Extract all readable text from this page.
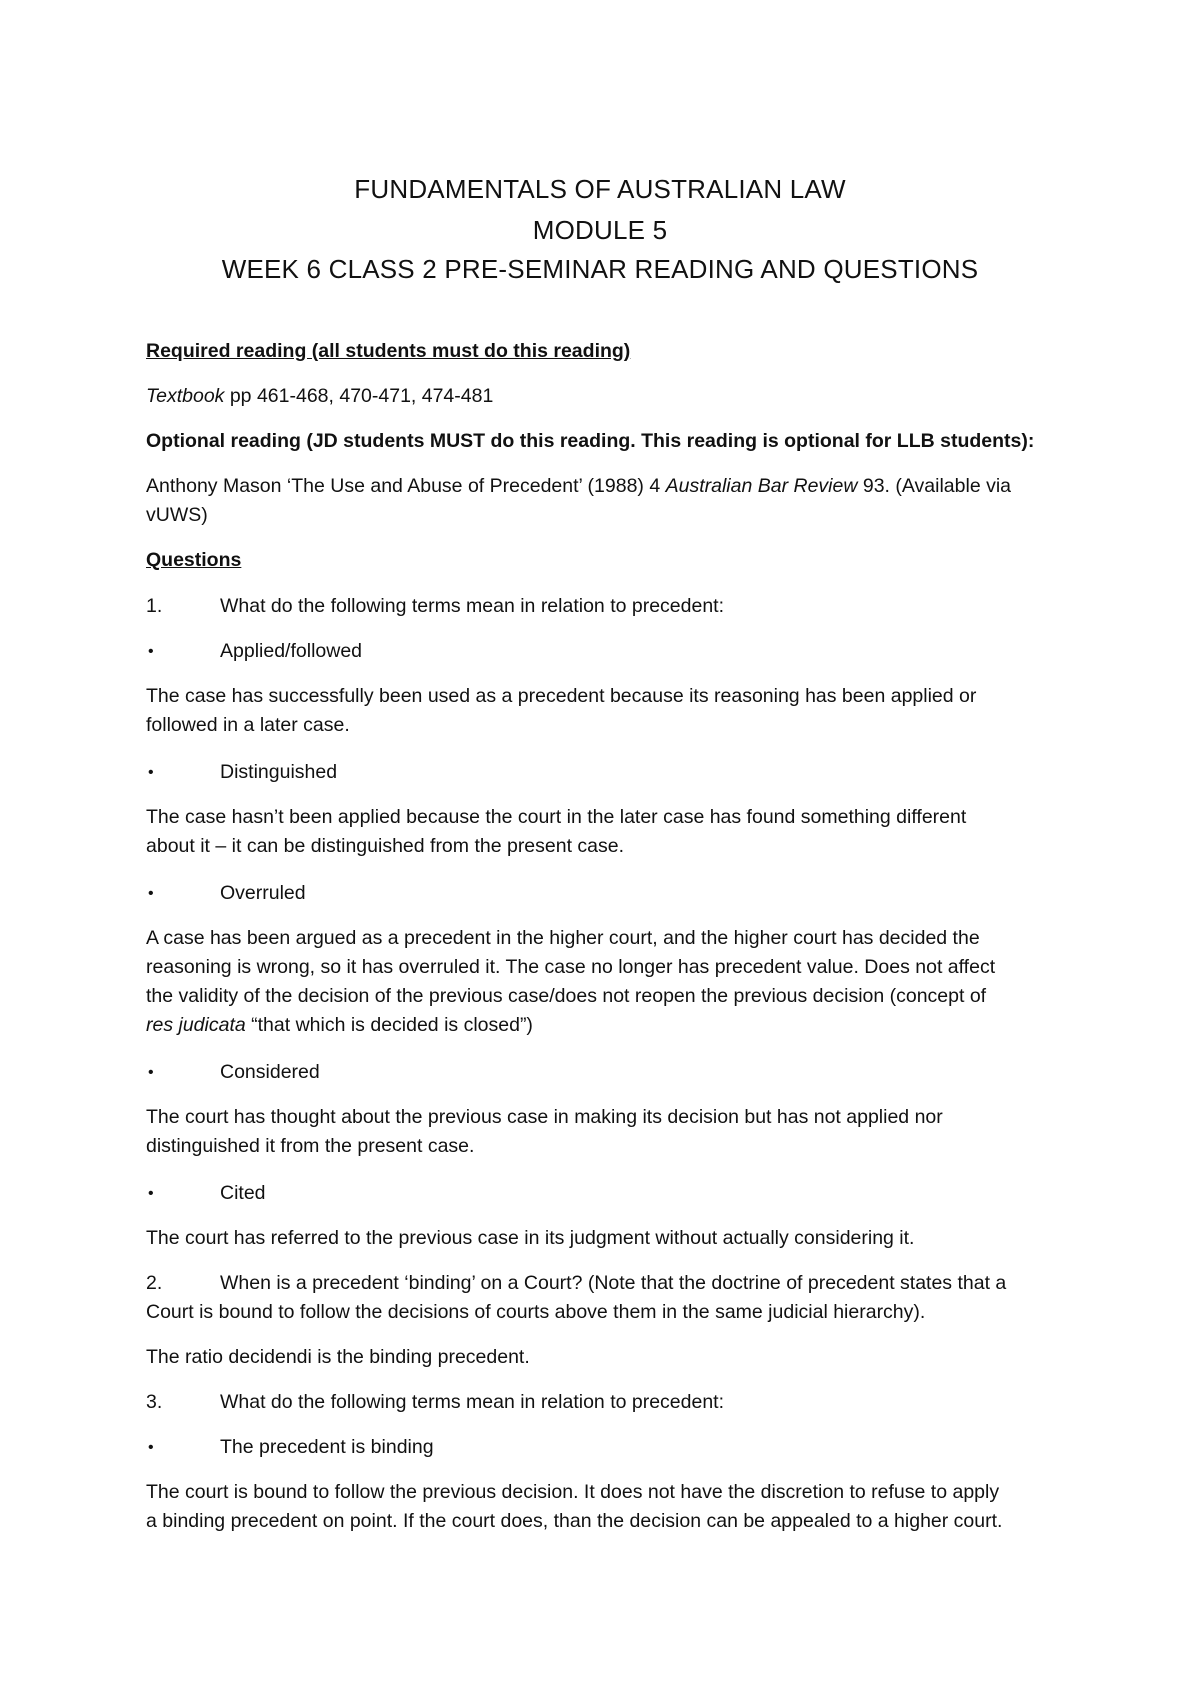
FUNDAMENTALS OF AUSTRALIAN LAW
MODULE 5
WEEK 6 CLASS 2 PRE-SEMINAR READING AND QUESTIONS
Required reading (all students must do this reading)
Textbook pp 461-468, 470-471, 474-481
Optional reading (JD students MUST do this reading. This reading is optional for LLB students):
Anthony Mason ‘The Use and Abuse of Precedent’ (1988) 4 Australian Bar Review 93. (Available via
vUWS)
Questions
1.	What do the following terms mean in relation to precedent:
•	Applied/followed
The case has successfully been used as a precedent because its reasoning has been applied or
followed in a later case.
•	Distinguished
The case hasn’t been applied because the court in the later case has found something different
about it – it can be distinguished from the present case.
•	Overruled
A case has been argued as a precedent in the higher court, and the higher court has decided the
reasoning is wrong, so it has overruled it. The case no longer has precedent value. Does not affect
the validity of the decision of the previous case/does not reopen the previous decision (concept of
res judicata “that which is decided is closed”)
•	Considered
The court has thought about the previous case in making its decision but has not applied nor
distinguished it from the present case.
•	Cited
The court has referred to the previous case in its judgment without actually considering it.
2.	When is a precedent ‘binding’ on a Court? (Note that the doctrine of precedent states that a
Court is bound to follow the decisions of courts above them in the same judicial hierarchy).
The ratio decidendi is the binding precedent.
3.	What do the following terms mean in relation to precedent:
•	The precedent is binding
The court is bound to follow the previous decision. It does not have the discretion to refuse to apply
a binding precedent on point. If the court does, than the decision can be appealed to a higher court.
